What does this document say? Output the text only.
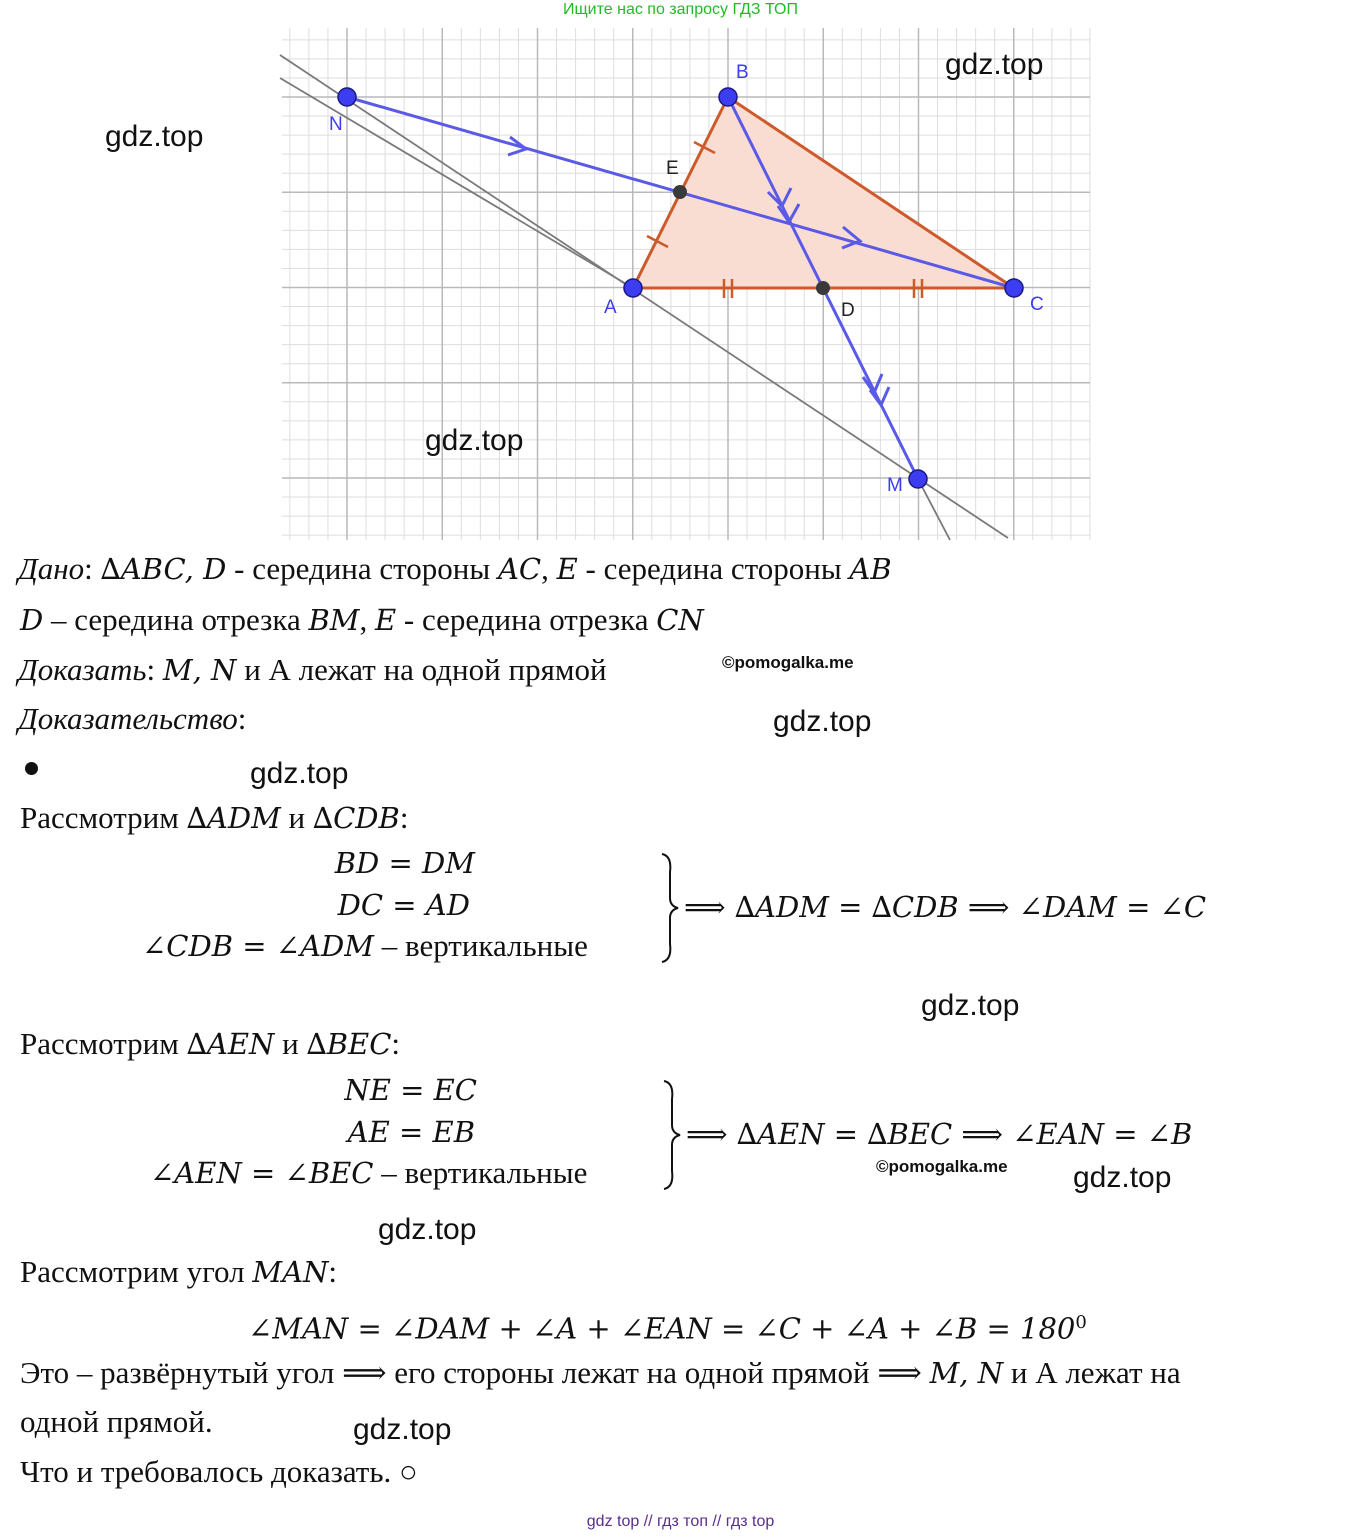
Ищите нас по запросу ГДЗ ТОП
N
B
E
A	D	C
M
gdz.top
gdz.top
gdz.top
©pomogalka.me
gdz.top
gdz.top
gdz.top
©pomogalka.me gdz.top
gdz.top
gdz.top
Дано: ∆ABC, D - середина стороны AC, E - середина стороны AB
D – середина отрезка BM, E - середина отрезка CN
Доказать: M, N и А лежат на одной прямой
Доказательство:
Рассмотрим ∆ADM и ∆CDB:
BD = DM
DC = AD
∠CDB = ∠ADM – вертикальные
⟹ ∆ADM = ∆CDB ⟹ ∠DAM = ∠C
Рассмотрим ∆AEN и ∆BEC:
NE = EC
AE = EB
∠AEN = ∠BEC – вертикальные
⟹ ∆AEN = ∆BEC ⟹ ∠EAN = ∠B
Рассмотрим угол MAN:
∠MAN = ∠DAM + ∠A + ∠EAN = ∠C + ∠A + ∠B = $180^0$
Это – развёрнутый угол ⟹ его стороны лежат на одной прямой ⟹ M, N и А лежат на
одной прямой.
Что и требовалось доказать. ○
gdz top // гдз топ // гдз top
